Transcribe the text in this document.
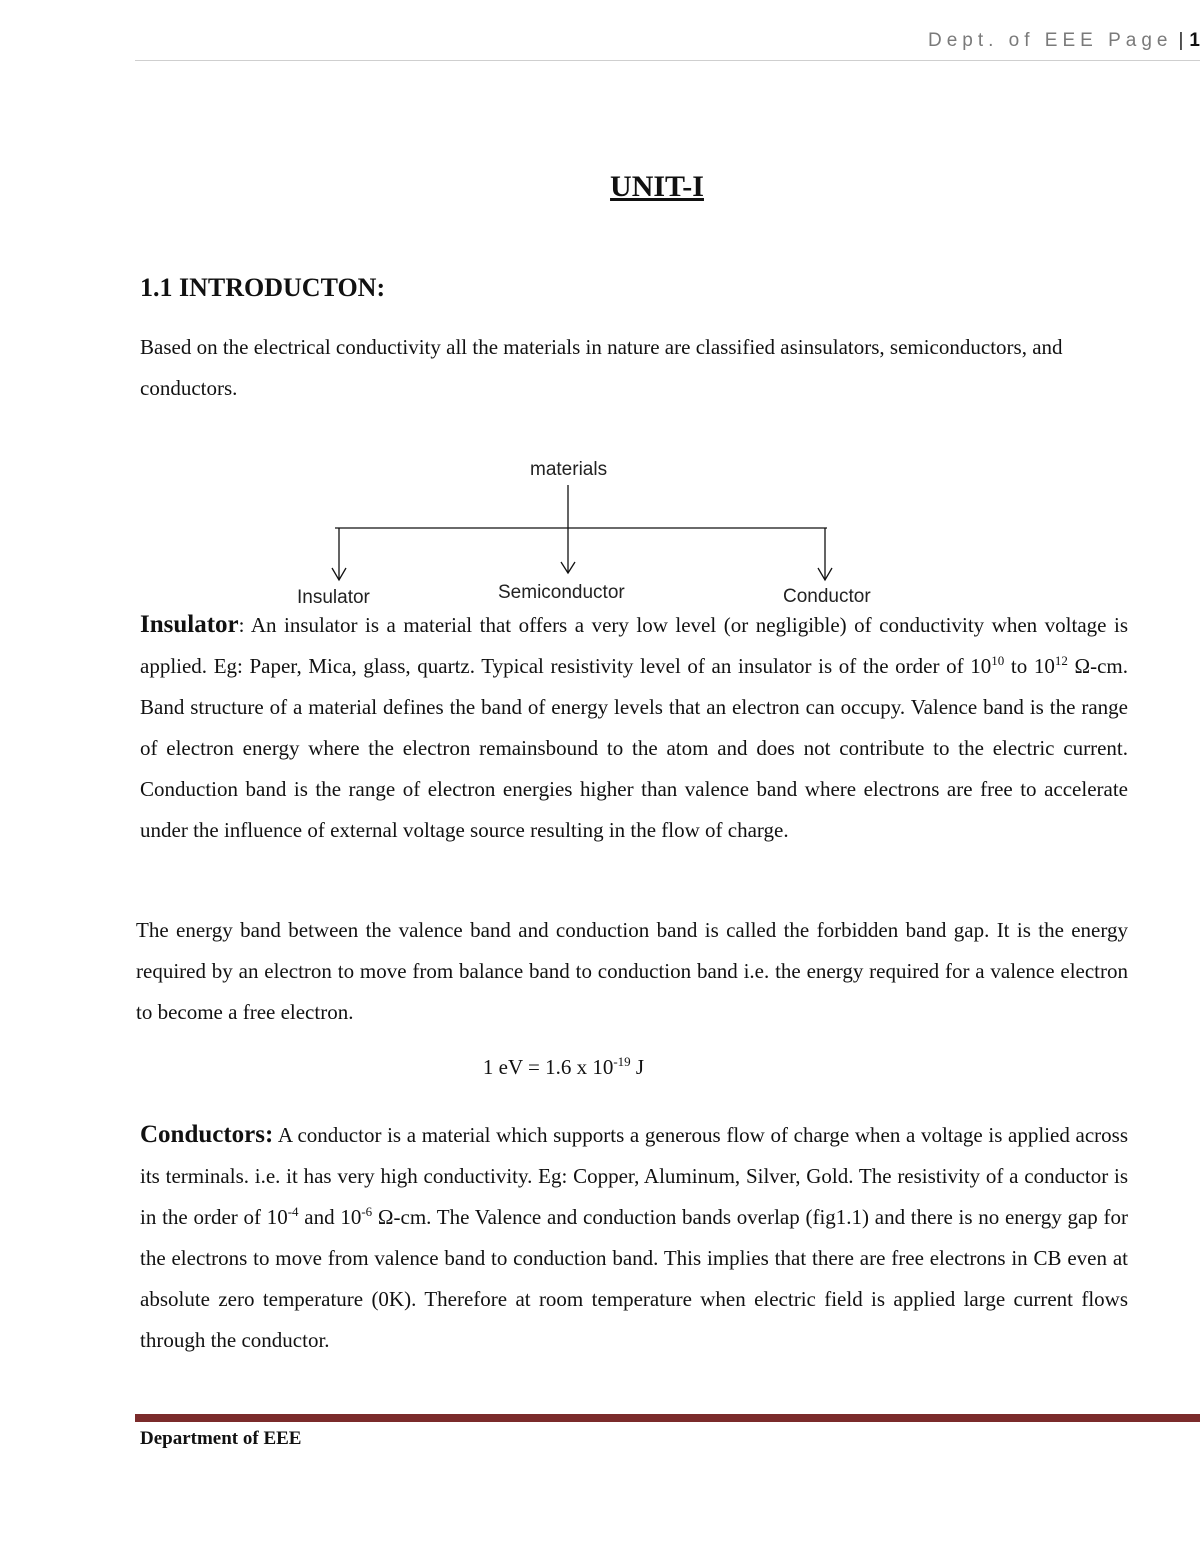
Dept. of EEE Page | 1
UNIT-I
1.1 INTRODUCTON:

Based on the electrical conductivity all the materials in nature are classified asinsulators, semiconductors, and conductors.

materials
Insulator	Semiconductor	Conductor

Insulator: An insulator is a material that offers a very low level (or negligible) of conductivity when voltage is applied. Eg: Paper, Mica, glass, quartz. Typical resistivity level of an insulator is of the order of $10^{10}$ to $10^{12}$ Ω-cm. Band structure of a material defines the band of energy levels that an electron can occupy. Valence band is the range of electron energy where the electron remainsbound to the atom and does not contribute to the electric current. Conduction band is the range of electron energies higher than valence band where electrons are free to accelerate under the influence of external voltage source resulting in the flow of charge.

The energy band between the valence band and conduction band is called the forbidden band gap. It is the energy required by an electron to move from balance band to conduction band i.e. the energy required for a valence electron to become a free electron.

1 eV = 1.6 x $10^{-19}$ J

Conductors: A conductor is a material which supports a generous flow of charge when a voltage is applied across its terminals. i.e. it has very high conductivity. Eg: Copper, Aluminum, Silver, Gold. The resistivity of a conductor is in the order of $10^{-4}$ and $10^{-6}$ Ω-cm. The Valence and conduction bands overlap (fig1.1) and there is no energy gap for the electrons to move from valence band to conduction band. This implies that there are free electrons in CB even at absolute zero temperature (0K). Therefore at room temperature when electric field is applied large current flows through the conductor.

Department of EEE
